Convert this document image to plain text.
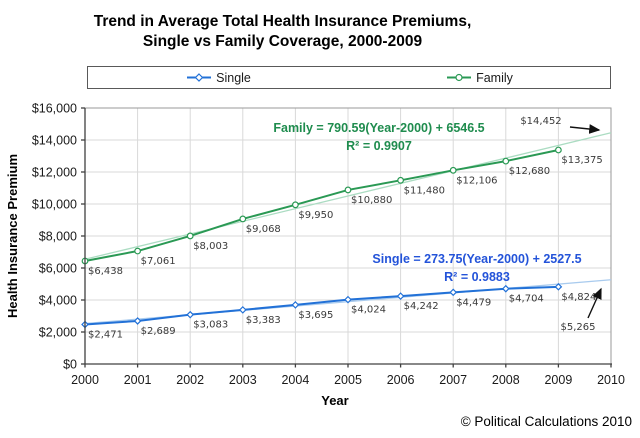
Trend in Average Total Health Insurance Premiums,
Single vs Family Coverage, 2000-2009
Single	Family
$2,471 $2,689
$3,083 $3,383 $3,695 $4,024 $4,242 $4,479 $4,704 $4,824
$6,438
$7,061
$8,003
$9,068
$9,950
$10,880
$11,480
$12,106
$12,680
$13,375
2000 2001 2002 2003 2004 2005 2006 2007 2008 2009 2010
$0
$2,000
$4,000
$6,000
$8,000
$10,000
$12,000
$14,000
$16,000
Year
Health Insurance Premium	Single = 273.75(Year-2000) + 2527.5
R² = 0.9883
Family = 790.59(Year-2000) + 6546.5
R² = 0.9907
$5,265
$14,452
© Political Calculations 2010
